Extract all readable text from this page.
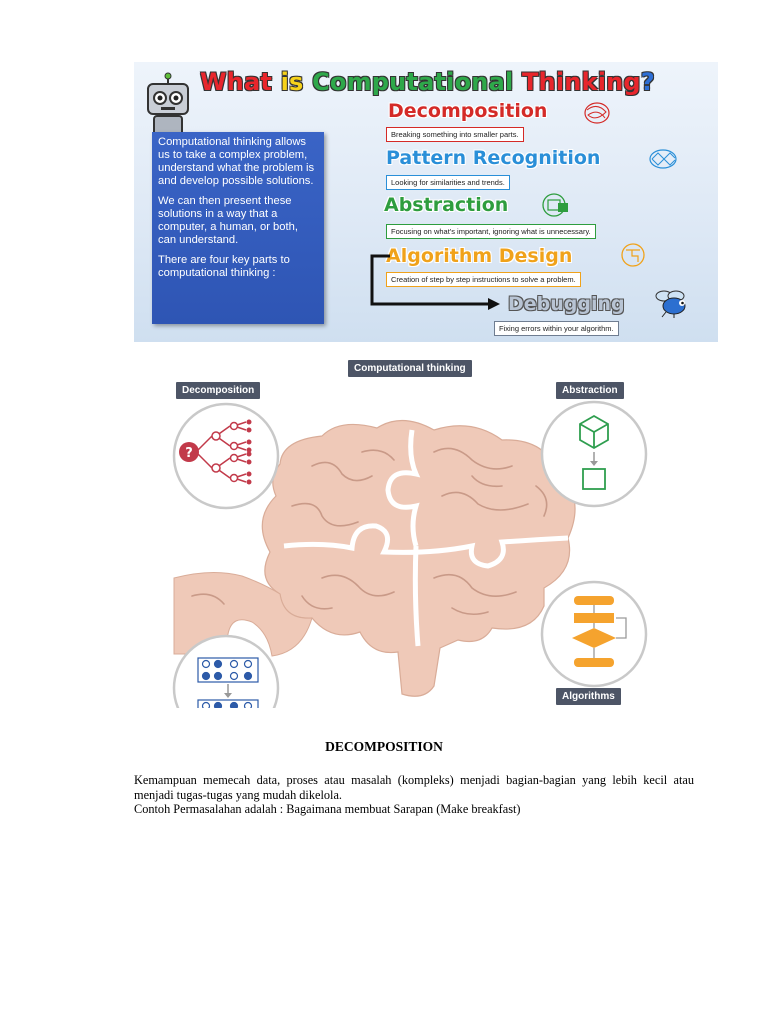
What is Computational Thinking?

Computational thinking allows us to take a complex problem, understand what the problem is and develop possible solutions.

We can then present these solutions in a way that a computer, a human, or both, can understand.

There are four key parts to computational thinking :

Decomposition
Breaking something into smaller parts.
Pattern Recognition
Looking for similarities and trends.
Abstraction
Focusing on what's important, ignoring what is unnecessary.
Algorithm Design
Creation of step by step instructions to solve a problem.
Debugging
Fixing errors within your algorithm.
?
Computational thinking
Decomposition	Abstraction
Algorithms
DECOMPOSITION

Kemampuan memecah data, proses atau masalah (kompleks) menjadi bagian-bagian yang lebih kecil atau menjadi tugas-tugas yang mudah dikelola.

Contoh Permasalahan adalah : Bagaimana membuat Sarapan (Make breakfast)
